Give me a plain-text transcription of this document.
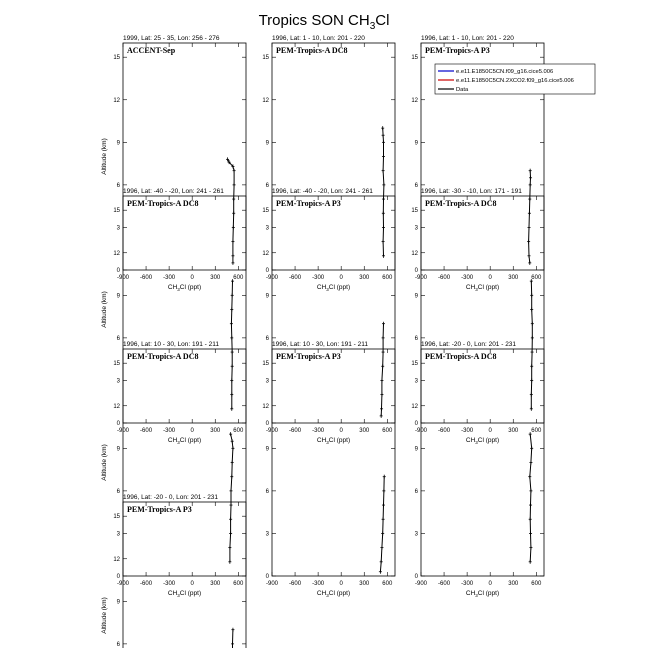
Tropics SON $CH_3Cl$
1999, Lat: 25 - 35, Lon: 256 - 276
ACCENT-Sep
-900 -600 -300	0	300 600
0
3
6
9
12
15
$CH_3Cl$ (ppt)
Altitude (km)
1996, Lat: 1 - 10, Lon: 201 - 220
PEM-Tropics-A DC8
-900 -600 -300	0	300 600
0
3
6
9
12
15
$CH_3Cl$ (ppt)
1996, Lat: 1 - 10, Lon: 201 - 220
PEM-Tropics-A P3
-900 -600 -300	0	300 600
0
3
6
9
12
15
$CH_3Cl$ (ppt)
e.e11.E1850C5CN.f09_g16.cice5.006
e.e11.E1850C5CN.2XCO2.f09_g16.cice5.006
Data
1996, Lat: -40 - -20, Lon: 241 - 261
PEM-Tropics-A DC8
-900 -600 -300	0	300 600
0
3
6
9
12
15
$CH_3Cl$ (ppt)
Altitude (km)
1996, Lat: -40 - -20, Lon: 241 - 261
PEM-Tropics-A P3
-900 -600 -300	0	300 600
0
3
6
9
12
15
$CH_3Cl$ (ppt)
1996, Lat: -30 - -10, Lon: 171 - 191
PEM-Tropics-A DC8
-900 -600 -300	0	300 600
0
3
6
9
12
15
$CH_3Cl$ (ppt)
1996, Lat: 10 - 30, Lon: 191 - 211
PEM-Tropics-A DC8
-900 -600 -300	0	300 600
0
3
6
9
12
15
$CH_3Cl$ (ppt)
Altitude (km)
1996, Lat: 10 - 30, Lon: 191 - 211
PEM-Tropics-A P3
-900 -600 -300	0	300 600
0
3
6
9
12
15
$CH_3Cl$ (ppt)
1996, Lat: -20 - 0, Lon: 201 - 231
PEM-Tropics-A DC8
-900 -600 -300	0	300 600
0
3
6
9
12
15
$CH_3Cl$ (ppt)
1996, Lat: -20 - 0, Lon: 201 - 231
PEM-Tropics-A P3
6
9
12
15
Altitude (km)
